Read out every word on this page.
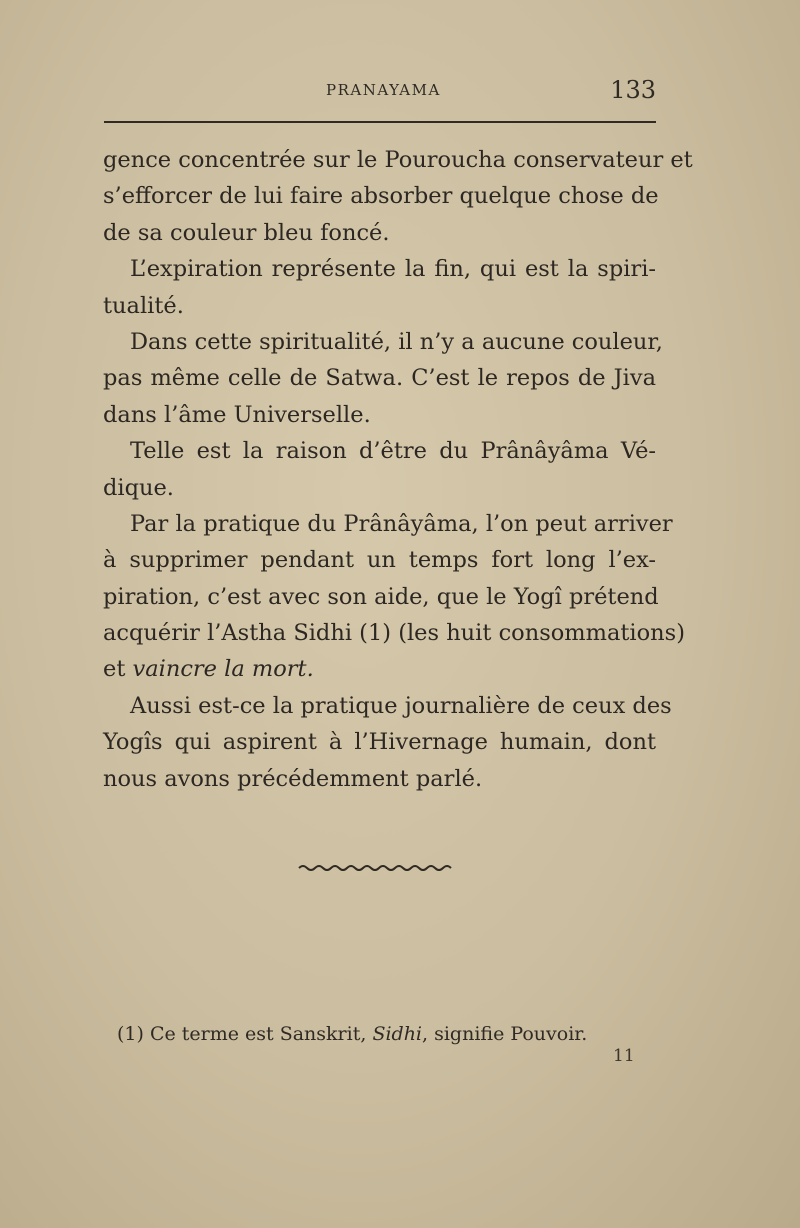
PRANAYAMA	133
gence concentrée sur le Pouroucha conservateur et
s’efforcer de lui faire absorber quelque chose de
de sa couleur bleu foncé.
L’expiration représente la fin, qui est la spiri-
tualité.
Dans cette spiritualité, il n’y a aucune couleur,
pas même celle de Satwa. C’est le repos de Jiva
dans l’âme Universelle.
Telle est la raison d’être du Prânâyâma Vé-
dique.
Par la pratique du Prânâyâma, l’on peut arriver
à supprimer pendant un temps fort long l’ex-
piration, c’est avec son aide, que le Yogî prétend
acquérir l’Astha Sidhi (1) (les huit consommations)
et vaincre la mort.
Aussi est-ce la pratique journalière de ceux des
Yogîs qui aspirent à l’Hivernage humain, dont
nous avons précédemment parlé.
(1) Ce terme est Sanskrit, Sidhi, signifie Pouvoir.
11
